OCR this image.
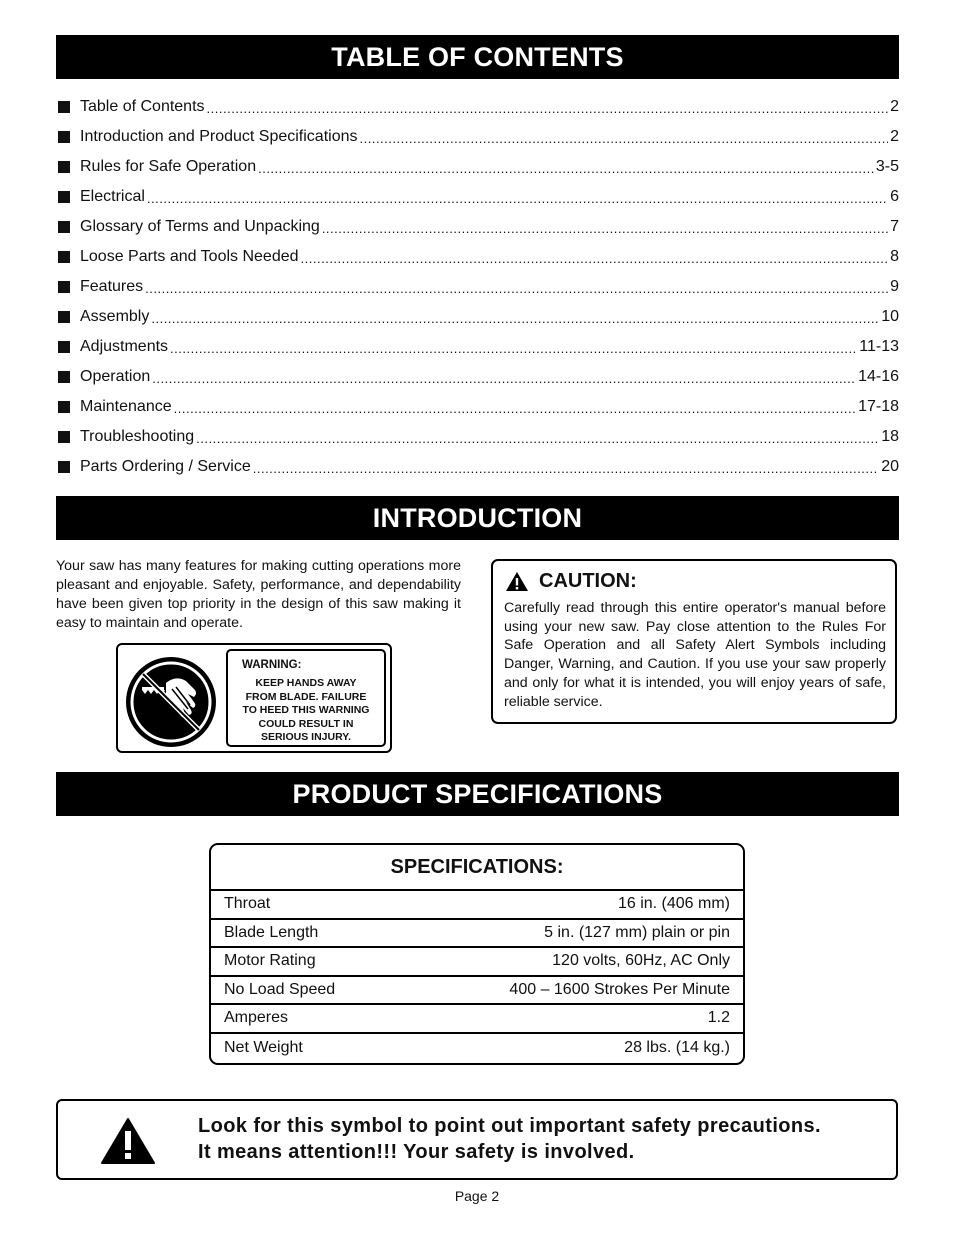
TABLE OF CONTENTS
Table of Contents .....	2
Introduction and Product Specifications .....	2
Rules for Safe Operation .....	3-5
Electrical .....	6
Glossary of Terms and Unpacking .....	7
Loose Parts and Tools Needed .....	8
Features .....	9
Assembly .....	10
Adjustments .....	11-13
Operation .....	14-16
Maintenance .....	17-18
Troubleshooting .....	18
Parts Ordering / Service .....	20
INTRODUCTION
Your saw has many features for making cutting operations more pleasant and enjoyable. Safety, performance, and dependability have been given top priority in the design of this saw making it easy to maintain and operate.
WARNING:
KEEP HANDS AWAY
FROM BLADE. FAILURE
TO HEED THIS WARNING
COULD RESULT IN
SERIOUS INJURY.
CAUTION:
Carefully read through this entire operator's manual before using your new saw. Pay close attention to the Rules For Safe Operation and all Safety Alert Symbols including Danger, Warning, and Caution. If you use your saw properly and only for what it is intended, you will enjoy years of safe, reliable service.
PRODUCT SPECIFICATIONS
SPECIFICATIONS:
Throat	16 in. (406 mm)
Blade Length	5 in. (127 mm) plain or pin
Motor Rating	120 volts, 60Hz, AC Only
No Load Speed	400 – 1600 Strokes Per Minute
Amperes	1.2
Net Weight	28 lbs. (14 kg.)
Look for this symbol to point out important safety precautions.
It means attention!!! Your safety is involved.
Page 2
